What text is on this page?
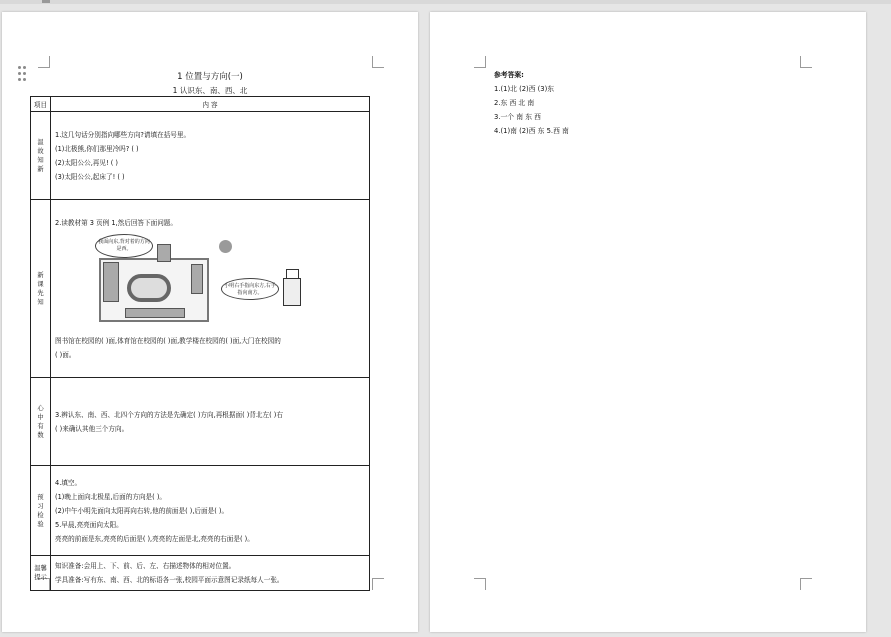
1 位置与方向(一)
1 认识东、南、西、北
项目	内 容
温故知新	1.这几句话分别指向哪些方向?请填在括号里。
(1)北极熊,你们那里冷吗? ( )
(2)太阳公公,再见! ( )
(3)太阳公公,起床了! ( )

新课先知	2.读教材第 3 页例 1,然后回答下面问题。
我面向东,背对着的方向是西。
小明右手指向东方,右手指向南方。
图书馆在校园的( )面,体育馆在校园的( )面,教学楼在校园的( )面,大门在校园的
( )面。

心中有数	3.辨认东、南、西、北四个方向的方法是先确定( )方向,再根据面( )背北左( )右
( )来确认其他三个方向。

预习检验	4.填空。
(1)晚上面向北极星,后面的方向是( )。
(2)中午小明先面向太阳再向右转,他的前面是( ),后面是( )。
5.早晨,亮亮面向太阳。
亮亮的前面是东,亮亮的后面是( ),亮亮的左面是北,亮亮的右面是( )。

温馨提示	知识准备:会用上、下、前、后、左、右描述物体的相对位置。
学具准备:写有东、南、西、北的标语各一张,校园平面示意图记录纸每人一张。
参考答案:
1.(1)北 (2)西 (3)东
2.东 西 北 南
3.一个 南 东 西
4.(1)南 (2)西 东 5.西 南
